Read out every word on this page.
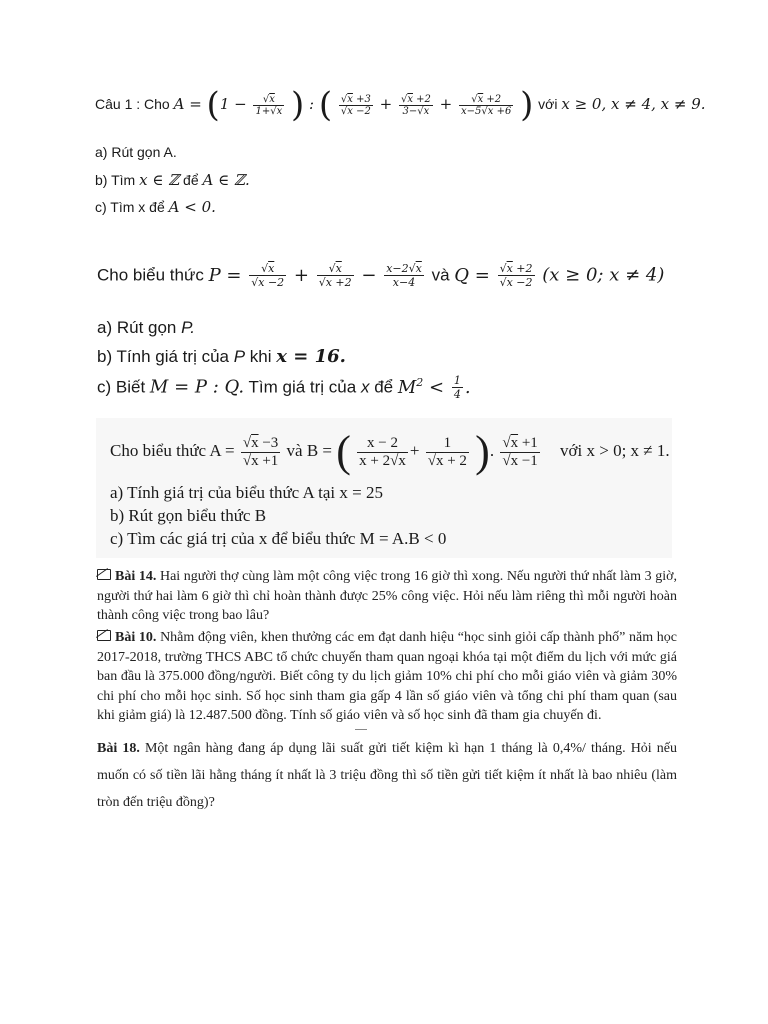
Câu 1 : Cho $A = (1 - \frac{√x}{1+√x}$ ) : ( $\frac{√x +3}{√x -2} + \frac{√x +2}{3-√x} + \frac{√x +2}{x-5√x +6}$ ) với x ≥ 0, x ≠ 4, x ≠ 9.
a) Rút gọn A.
b) Tìm x ∈ ℤ để A ∈ ℤ.
c) Tìm x để A < 0.
Cho biểu thức $P = \frac{√x}{√x -2} + \frac{√x}{√x +2} - \frac{x-2√x}{x-4}$ và $Q = \frac{√x +2}{√x -2} (x \ge 0$; x ≠ 4)
a) Rút gọn P.
b) Tính giá trị của P khi x = 16.
c) Biết M = P : Q. Tìm giá trị của x để $M^2 < \frac{1}{4}$ .
Cho biểu thức $A = \frac{√x -3}{√x +1}$ và B = ( $\frac{x - 2}{x + 2√x} + \frac{1}{√x + 2}$ ). $\frac{√x +1}{√x -1}$ với x > 0; x ≠ 1.
a) Tính giá trị của biểu thức A tại x = 25
b) Rút gọn biểu thức B
c) Tìm các giá trị của x để biểu thức M = A.B < 0
Bài 14. Hai người thợ cùng làm một công việc trong 16 giờ thì xong. Nếu người thứ nhất làm 3 giờ, người thứ hai làm 6 giờ thì chỉ hoàn thành được 25% công việc. Hỏi nếu làm riêng thì mỗi người hoàn thành công việc trong bao lâu?
Bài 10. Nhằm động viên, khen thưởng các em đạt danh hiệu “học sinh giỏi cấp thành phố” năm học 2017-2018, trường THCS ABC tổ chức chuyến tham quan ngoại khóa tại một điểm du lịch với mức giá ban đầu là 375.000 đồng/người. Biết công ty du lịch giảm 10% chi phí cho mỗi giáo viên và giảm 30% chi phí cho mỗi học sinh. Số học sinh tham gia gấp 4 lần số giáo viên và tổng chi phí tham quan (sau khi giảm giá) là 12.487.500 đồng. Tính số giáo viên và số học sinh đã tham gia chuyến đi.
Bài 18. Một ngân hàng đang áp dụng lãi suất gửi tiết kiệm kì hạn 1 tháng là 0,4%/ tháng. Hỏi nếu muốn có số tiền lãi hằng tháng ít nhất là 3 triệu đồng thì số tiền gửi tiết kiệm ít nhất là bao nhiêu (làm tròn đến triệu đồng)?
